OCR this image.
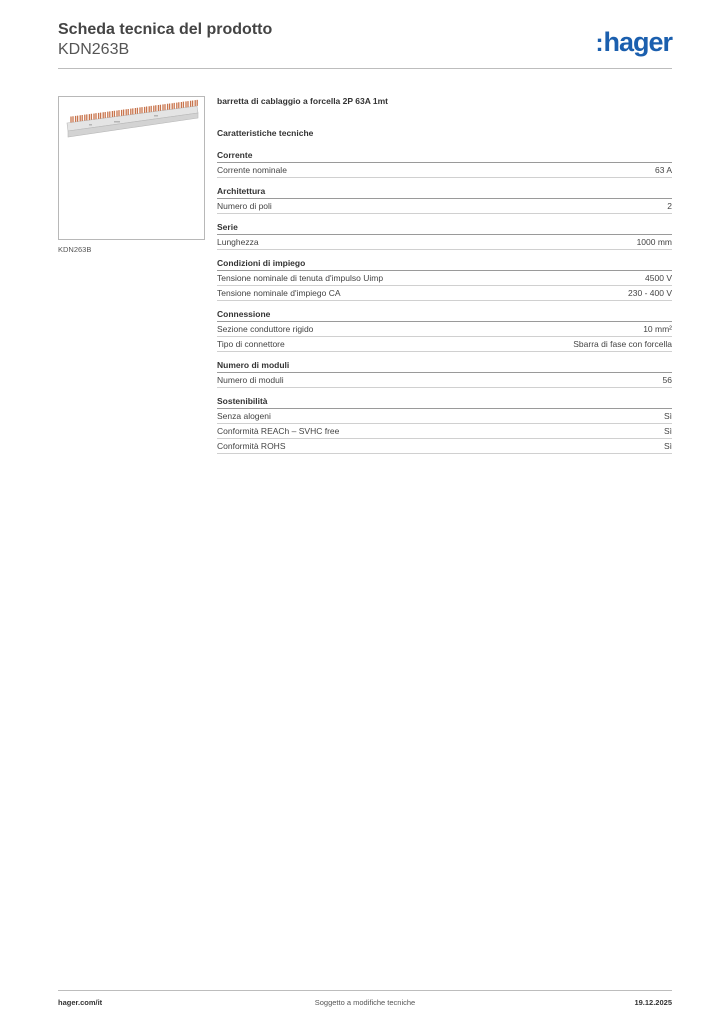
Scheda tecnica del prodotto
KDN263B	:hager
KDN263B
barretta di cablaggio a forcella 2P 63A 1mt
Caratteristiche tecniche
Corrente
Corrente nominale	63 A
Architettura
Numero di poli	2
Serie
Lunghezza	1000 mm
Condizioni di impiego
Tensione nominale di tenuta d'impulso Uimp	4500 V
Tensione nominale d'impiego CA	230 - 400 V
Connessione
Sezione conduttore rigido	10 mm²
Tipo di connettore	Sbarra di fase con forcella
Numero di moduli
Numero di moduli	56
Sostenibilità
Senza alogeni	Sì
Conformità REACh – SVHC free	Sì
Conformità ROHS	Sì
hager.com/it	Soggetto a modifiche tecniche	19.12.2025
